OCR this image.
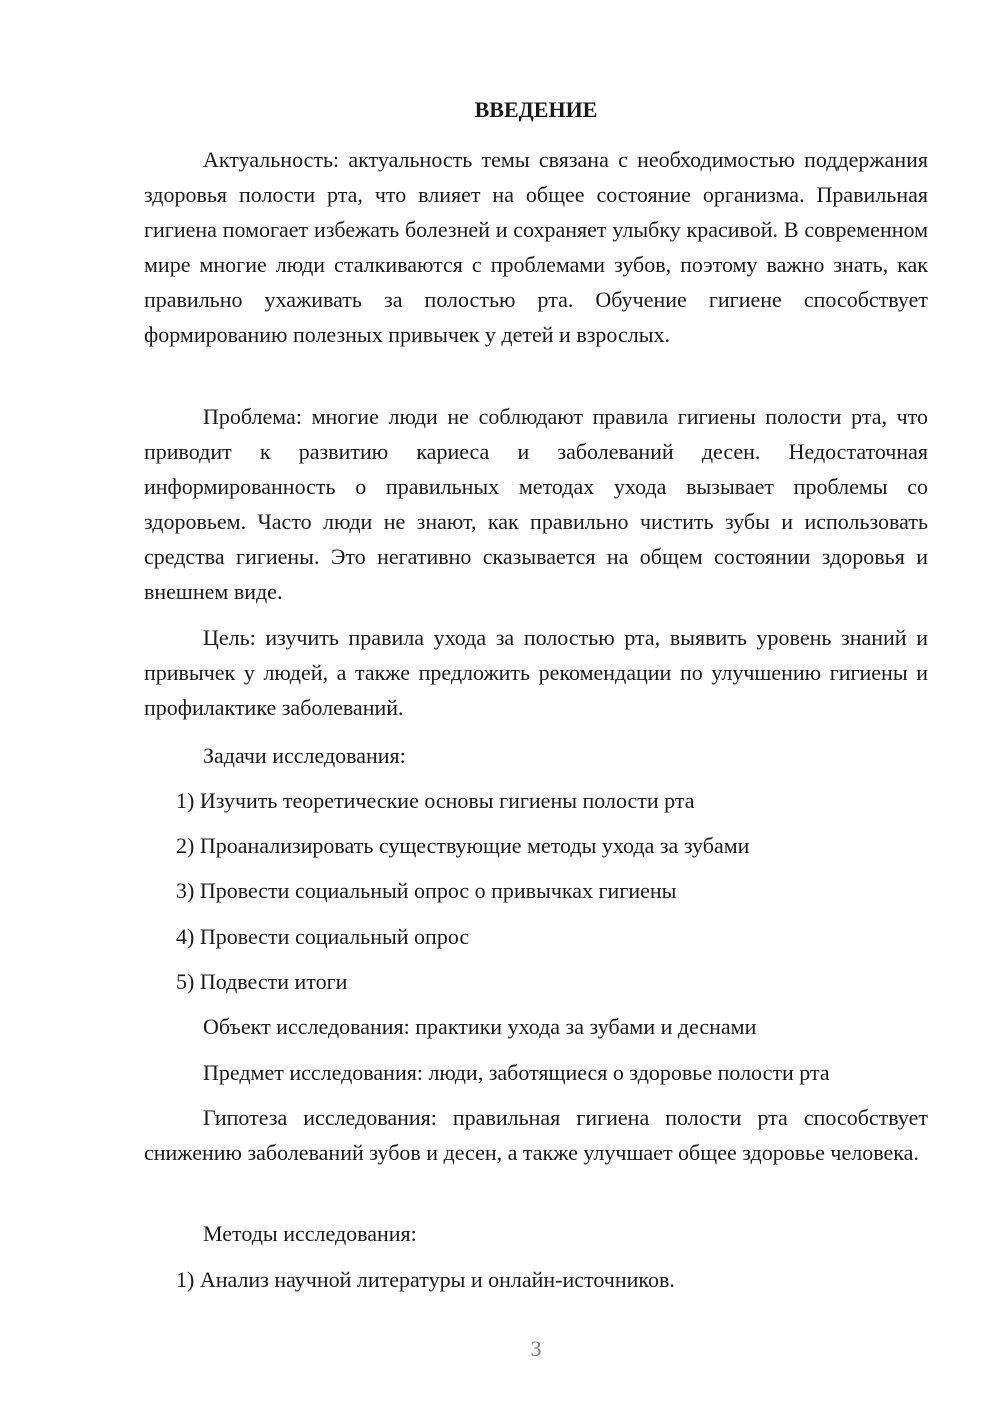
ВВЕДЕНИЕ

Актуальность: актуальность темы связана с необходимостью поддержания здоровья полости рта, что влияет на общее состояние организма. Правильная гигиена помогает избежать болезней и сохраняет улыбку красивой. В современном мире многие люди сталкиваются с проблемами зубов, поэтому важно знать, как правильно ухаживать за полостью рта. Обучение гигиене способствует формированию полезных привычек у детей и взрослых.

Проблема: многие люди не соблюдают правила гигиены полости рта, что приводит к развитию кариеса и заболеваний десен. Недостаточная информированность о правильных методах ухода вызывает проблемы со здоровьем. Часто люди не знают, как правильно чистить зубы и использовать средства гигиены. Это негативно сказывается на общем состоянии здоровья и внешнем виде.

Цель: изучить правила ухода за полостью рта, выявить уровень знаний и привычек у людей, а также предложить рекомендации по улучшению гигиены и профилактике заболеваний.

Задачи исследования:

1) Изучить теоретические основы гигиены полости рта

2) Проанализировать существующие методы ухода за зубами

3) Провести социальный опрос о привычках гигиены

4) Провести социальный опрос

5) Подвести итоги

Объект исследования: практики ухода за зубами и деснами

Предмет исследования: люди, заботящиеся о здоровье полости рта

Гипотеза исследования: правильная гигиена полости рта способствует снижению заболеваний зубов и десен, а также улучшает общее здоровье человека.

Методы исследования:

1) Анализ научной литературы и онлайн-источников.

3
